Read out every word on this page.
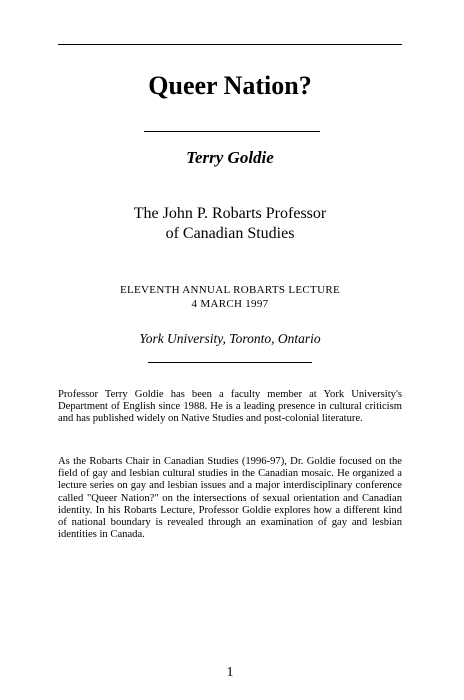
Queer Nation?
Terry Goldie
The John P. Robarts Professor
of Canadian Studies
ELEVENTH ANNUAL ROBARTS LECTURE
4 MARCH 1997
York University, Toronto, Ontario

Professor Terry Goldie has been a faculty member at York University's Department of English since 1988. He is a leading presence in cultural criticism and has published widely on Native Studies and post-colonial literature.

As the Robarts Chair in Canadian Studies (1996-97), Dr. Goldie focused on the field of gay and lesbian cultural studies in the Canadian mosaic. He organized a lecture series on gay and lesbian issues and a major interdisciplinary conference called "Queer Nation?" on the intersections of sexual orientation and Canadian identity. In his Robarts Lecture, Professor Goldie explores how a different kind of national boundary is revealed through an examination of gay and lesbian identities in Canada.

1
